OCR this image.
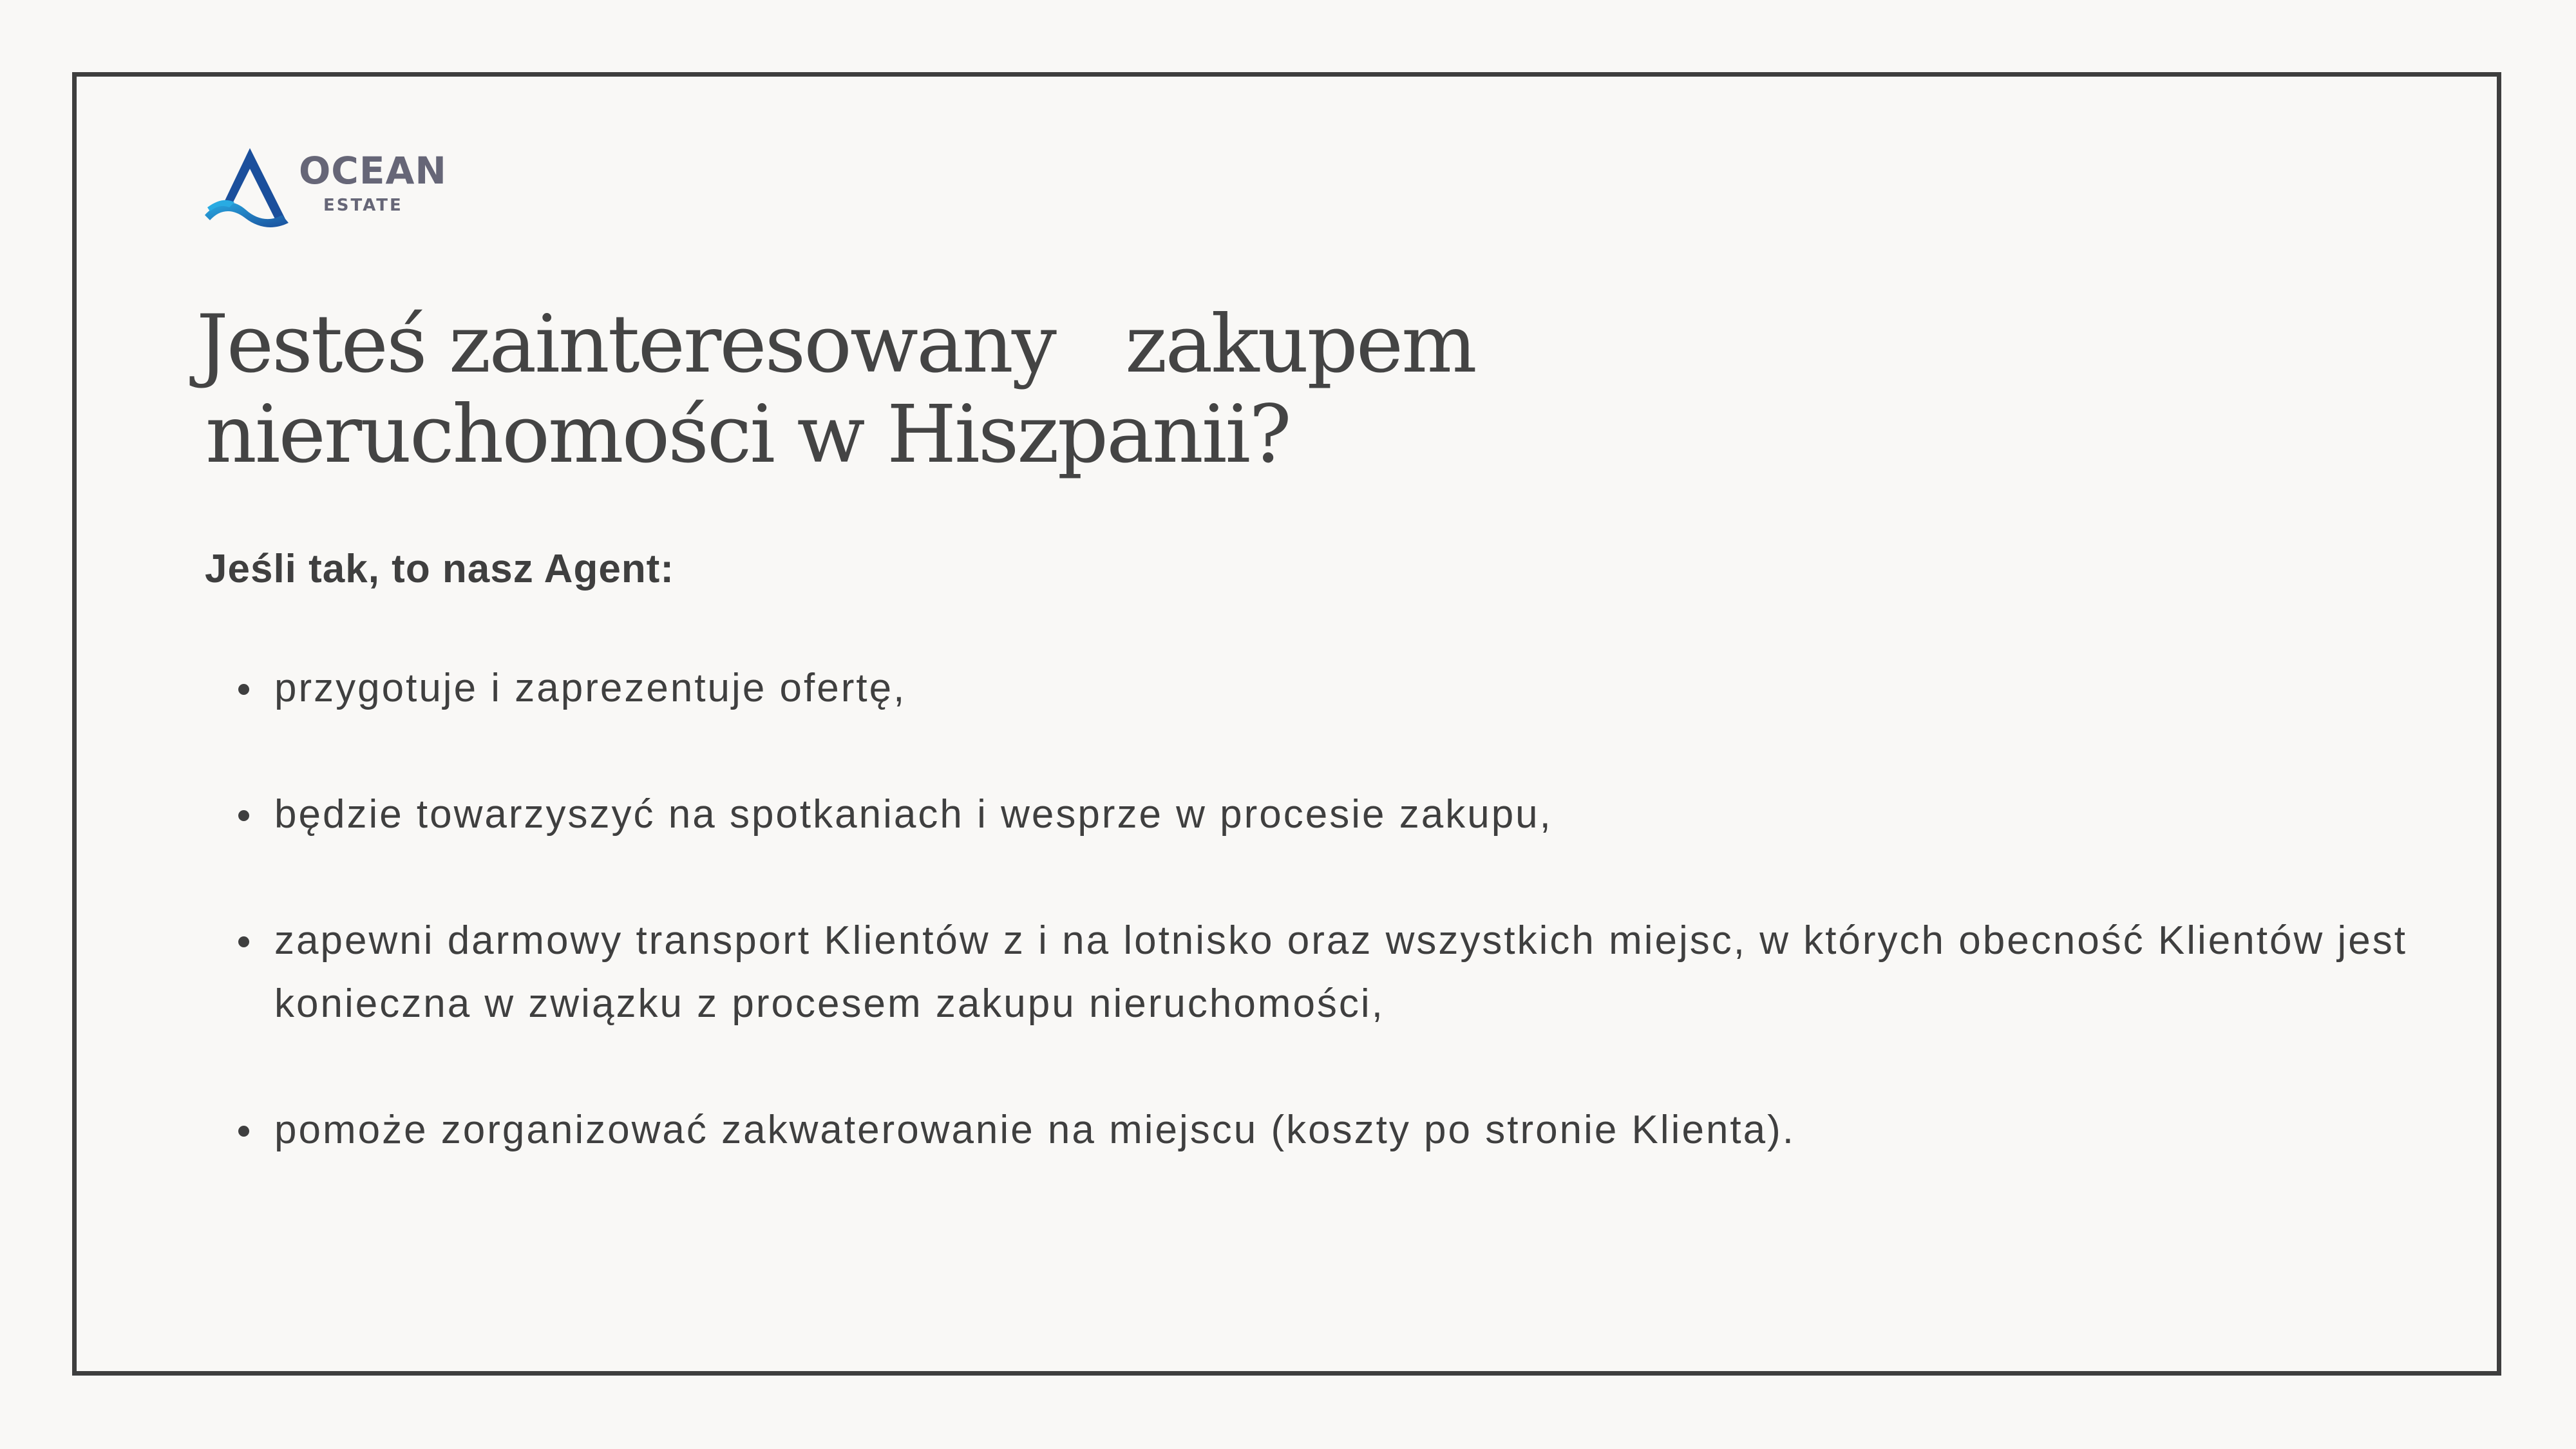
OCEAN
ESTATE
Jesteś zainteresowany   zakupem
nieruchomości w Hiszpanii?

Jeśli tak, to nasz Agent:

przygotuje i zaprezentuje ofertę,
będzie towarzyszyć na spotkaniach i wesprze w procesie zakupu,
zapewni darmowy transport Klientów z i na lotnisko oraz wszystkich miejsc, w których obecność Klientów jest konieczna w związku z procesem zakupu nieruchomości,
pomoże zorganizować zakwaterowanie na miejscu (koszty po stronie Klienta).
